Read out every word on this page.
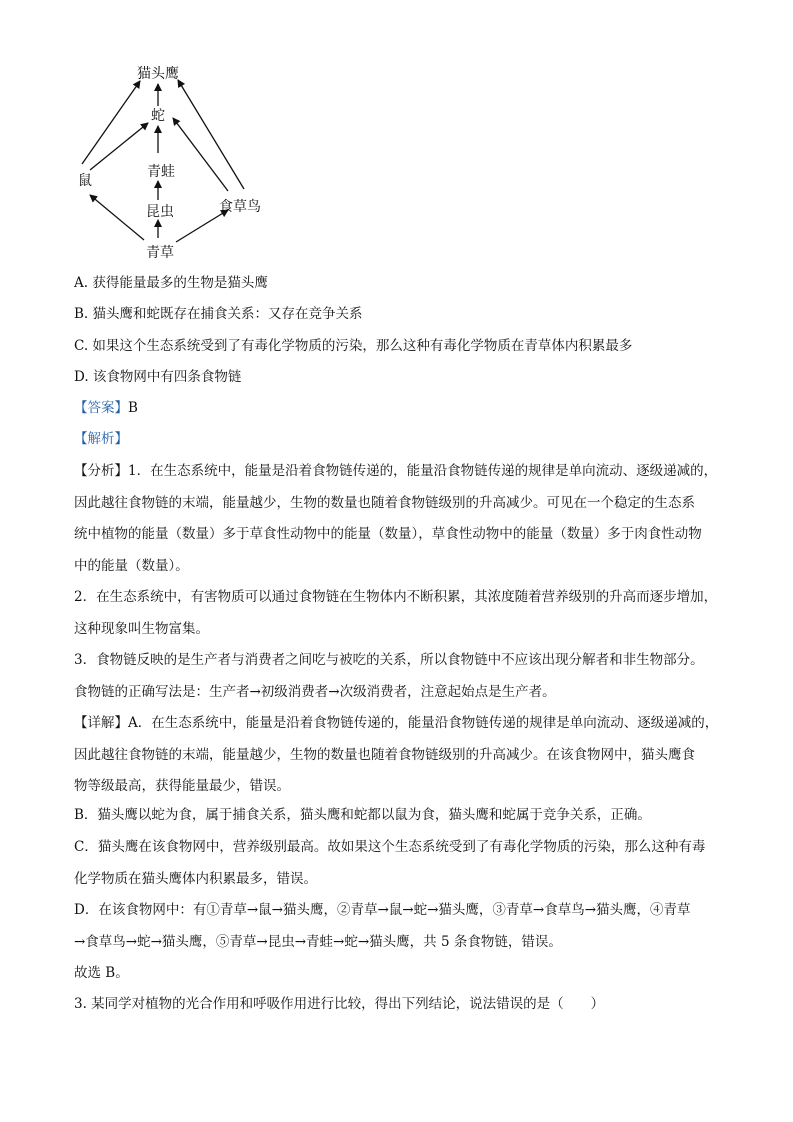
猫头鹰
蛇
青蛙
昆虫
青草
鼠
食草鸟

A. 获得能量最多的生物是猫头鹰

B. 猫头鹰和蛇既存在捕食关系：又存在竞争关系

C. 如果这个生态系统受到了有毒化学物质的污染，那么这种有毒化学物质在青草体内积累最多

D. 该食物网中有四条食物链

【答案】B

【解析】

【分析】1．在生态系统中，能量是沿着食物链传递的，能量沿食物链传递的规律是单向流动、逐级递减的，
因此越往食物链的末端，能量越少，生物的数量也随着食物链级别的升高减少。可见在一个稳定的生态系
统中植物的能量（数量）多于草食性动物中的能量（数量），草食性动物中的能量（数量）多于肉食性动物
中的能量（数量）。
2．在生态系统中，有害物质可以通过食物链在生物体内不断积累，其浓度随着营养级别的升高而逐步增加，
这种现象叫生物富集。
3．食物链反映的是生产者与消费者之间吃与被吃的关系，所以食物链中不应该出现分解者和非生物部分。
食物链的正确写法是：生产者→初级消费者→次级消费者，注意起始点是生产者。
【详解】A．在生态系统中，能量是沿着食物链传递的，能量沿食物链传递的规律是单向流动、逐级递减的，
因此越往食物链的末端，能量越少，生物的数量也随着食物链级别的升高减少。在该食物网中，猫头鹰食
物等级最高，获得能量最少，错误。

B．猫头鹰以蛇为食，属于捕食关系，猫头鹰和蛇都以鼠为食，猫头鹰和蛇属于竞争关系，正确。

C．猫头鹰在该食物网中，营养级别最高。故如果这个生态系统受到了有毒化学物质的污染，那么这种有毒
化学物质在猫头鹰体内积累最多，错误。
D．在该食物网中：有①青草→鼠→猫头鹰，②青草→鼠→蛇→猫头鹰，③青草→食草鸟→猫头鹰，④青草
→食草鸟→蛇→猫头鹰，⑤青草→昆虫→青蛙→蛇→猫头鹰，共 5 条食物链，错误。

故选 B。

3. 某同学对植物的光合作用和呼吸作用进行比较，得出下列结论，说法错误的是（　　）
